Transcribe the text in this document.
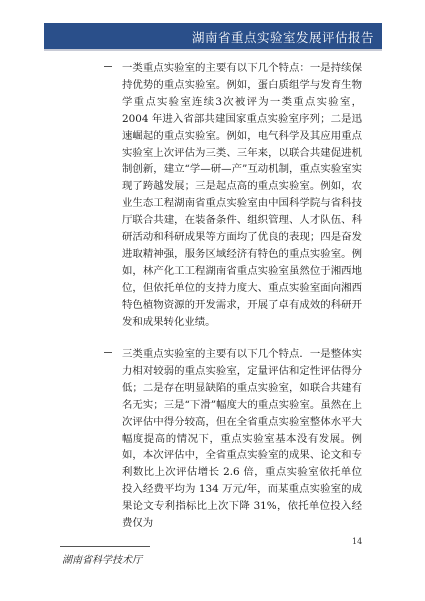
湖南省重点实验室发展评估报告

一类重点实验室的主要有以下几个特点：一是持续保持优势的重点实验室。例如，蛋白质组学与发育生物学重点实验室连续3次被评为一类重点实验室，2004 年进入省部共建国家重点实验室序列；二是迅速崛起的重点实验室。例如，电气科学及其应用重点实验室上次评估为三类、三年来，以联合共建促进机制创新，建立“学—研—产”互动机制，重点实验室实现了跨越发展；三是起点高的重点实验室。例如，农业生态工程湖南省重点实验室由中国科学院与省科技厅联合共建，在装备条件、组织管理、人才队伍、科研活动和科研成果等方面均了优良的表现；四是奋发进取精神强，服务区域经济有特色的重点实验室。例如，林产化工工程湖南省重点实验室虽然位于湘西地位，但依托单位的支持力度大、重点实验室面向湘西特色植物资源的开发需求，开展了卓有成效的科研开发和成果转化业绩。

三类重点实验室的主要有以下几个特点．一是整体实力相对较弱的重点实验室，定量评估和定性评估得分低；二是存在明显缺陷的重点实验室，如联合共建有名无实；三是“下滑”幅度大的重点实验室。虽然在上次评估中得分较高，但在全省重点实验室整体水平大幅度提高的情况下，重点实验室基本没有发展。例如，本次评估中，全省重点实验室的成果、论文和专利数比上次评估增长 2.6 倍，重点实验室依托单位投入经费平均为 134 万元/年，而某重点实验室的成果论文专利指标比上次下降 31%，依托单位投入经费仅为

14
湖南省科学技术厅
